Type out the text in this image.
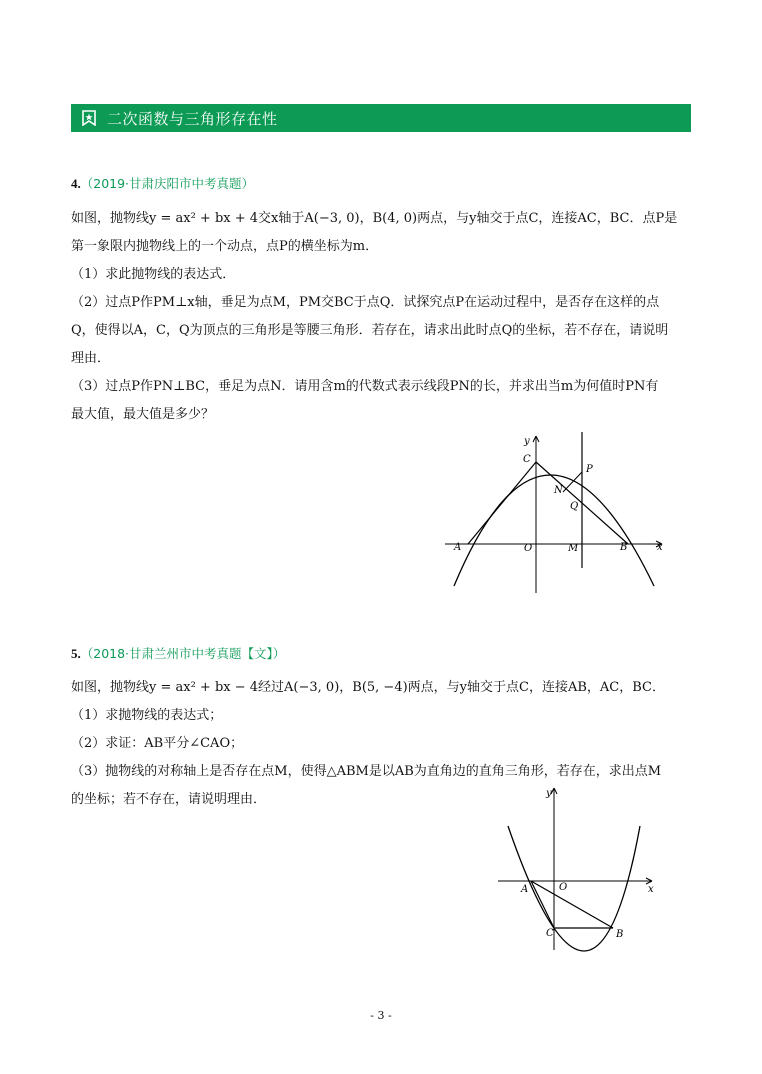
二次函数与三角形存在性
4.（2019·甘肃庆阳市中考真题）
如图，抛物线y = ax² + bx + 4交x轴于A(−3, 0)，B(4, 0)两点，与y轴交于点C，连接AC，BC．点P是
第一象限内抛物线上的一个动点，点P的横坐标为m．
（1）求此抛物线的表达式．
（2）过点P作PM⊥x轴，垂足为点M，PM交BC于点Q．试探究点P在运动过程中，是否存在这样的点
Q，使得以A，C，Q为顶点的三角形是等腰三角形．若存在，请求出此时点Q的坐标，若不存在，请说明
理由．
（3）过点P作PN⊥BC，垂足为点N．请用含m的代数式表示线段PN的长，并求出当m为何值时PN有
最大值，最大值是多少？
y
C
P
N
Q
A	O	M	B	x
5.（2018·甘肃兰州市中考真题【文】）
如图，抛物线y = ax² + bx − 4经过A(−3, 0)，B(5, −4)两点，与y轴交于点C，连接AB，AC，BC．
（1）求抛物线的表达式；
（2）求证：AB平分∠CAO；
（3）抛物线的对称轴上是否存在点M，使得△ABM是以AB为直角边的直角三角形，若存在，求出点M
的坐标；若不存在，请说明理由．	y
A	O	x
C	B
- 3 -
